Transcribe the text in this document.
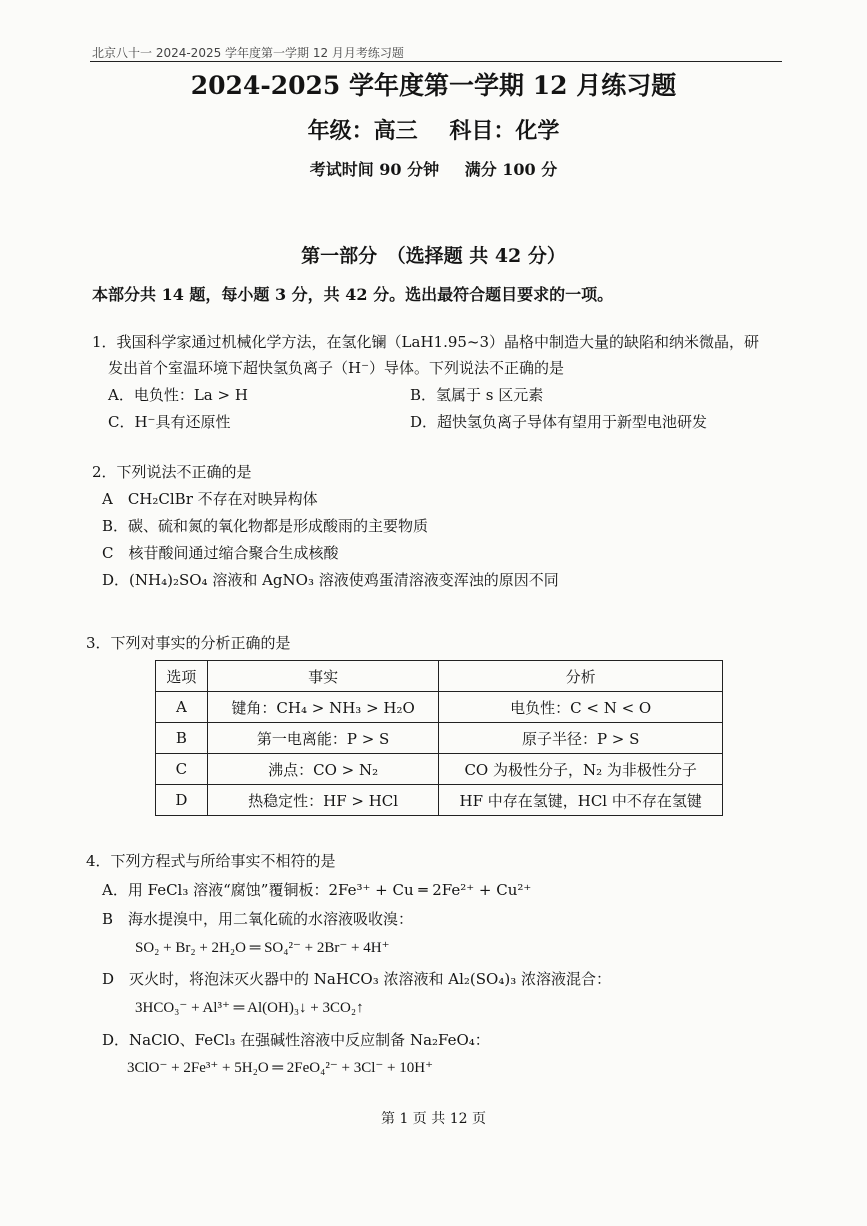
北京八十一 2024-2025 学年度第一学期 12 月月考练习题
2024-2025 学年度第一学期 12 月练习题
年级：高三 科目：化学
考试时间 90 分钟 满分 100 分
第一部分　（选择题 共 42 分）
本部分共 14 题，每小题 3 分，共 42 分。选出最符合题目要求的一项。
1．我国科学家通过机械化学方法，在氢化镧（LaH1.95~3）晶格中制造大量的缺陷和纳米微晶，研
发出首个室温环境下超快氢负离子（H⁻）导体。下列说法不正确的是
A．电负性：La > H	B．氢属于 s 区元素
C．H⁻具有还原性	D．超快氢负离子导体有望用于新型电池研发
2．下列说法不正确的是
A　CH₂ClBr 不存在对映异构体
B．碳、硫和氮的氧化物都是形成酸雨的主要物质
C　核苷酸间通过缩合聚合生成核酸
D．(NH₄)₂SO₄ 溶液和 AgNO₃ 溶液使鸡蛋清溶液变浑浊的原因不同
3．下列对事实的分析正确的是
选项	事实	分析
A	键角：CH₄ > NH₃ > H₂O	电负性：C < N < O
B	第一电离能：P > S	原子半径：P > S
C	沸点：CO > N₂	CO 为极性分子，N₂ 为非极性分子
D	热稳定性：HF > HCl	HF 中存在氢键，HCl 中不存在氢键
4．下列方程式与所给事实不相符的是
A．用 FeCl₃ 溶液“腐蚀”覆铜板：2Fe³⁺ + Cu ═ 2Fe²⁺ + Cu²⁺
B　海水提溴中，用二氧化硫的水溶液吸收溴：
SO₂ + Br₂ + 2H₂O ═ SO₄²⁻ + 2Br⁻ + 4H⁺
D　灭火时，将泡沫灭火器中的 NaHCO₃ 浓溶液和 Al₂(SO₄)₃ 浓溶液混合：
3HCO₃⁻ + Al³⁺ ═ Al(OH)₃↓ + 3CO₂↑
D．NaClO、FeCl₃ 在强碱性溶液中反应制备 Na₂FeO₄：
3ClO⁻ + 2Fe³⁺ + 5H₂O ═ 2FeO₄²⁻ + 3Cl⁻ + 10H⁺
第 1 页 共 12 页
